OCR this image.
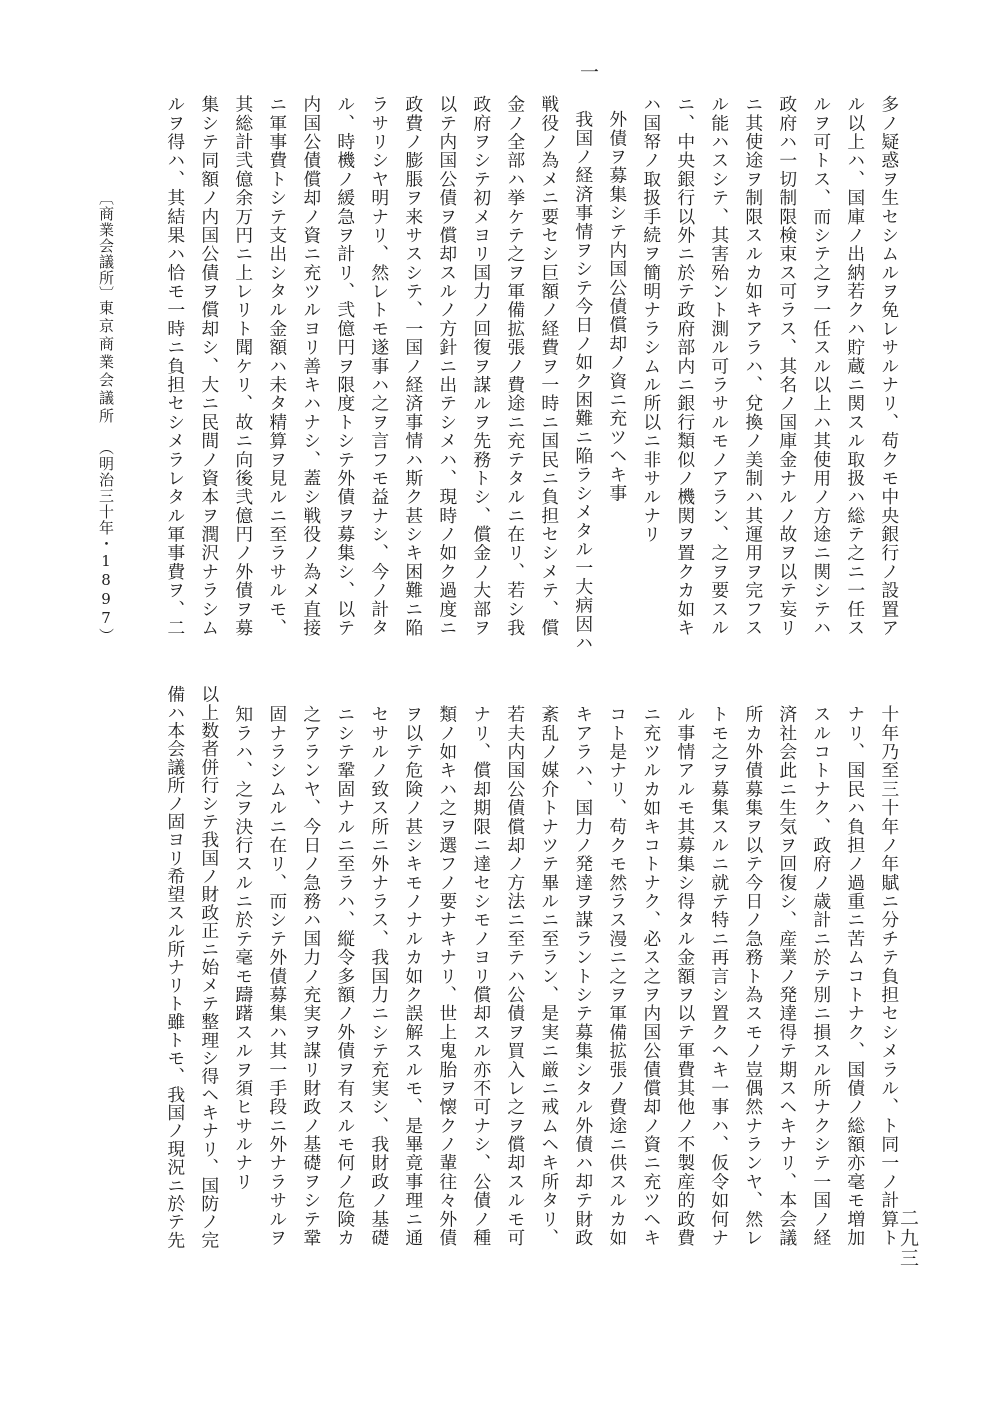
一
多ノ疑惑ヲ生セシムルヲ免レサルナリ、苟クモ中央銀行ノ設置ア
ル以上ハ、国庫ノ出納若クハ貯蔵ニ関スル取扱ハ総テ之ニ一任ス
ルヲ可トス、而シテ之ヲ一任スル以上ハ其使用ノ方途ニ関シテハ
政府ハ一切制限検束ス可ラス、其名ノ国庫金ナルノ故ヲ以テ妄リ
ニ其使途ヲ制限スルカ如キアラハ、兌換ノ美制ハ其運用ヲ完フス
ル能ハスシテ、其害殆ント測ル可ラサルモノアラン、之ヲ要スル
ニ、中央銀行以外ニ於テ政府部内ニ銀行類似ノ機関ヲ置クカ如キ
ハ国帑ノ取扱手続ヲ簡明ナラシムル所以ニ非サルナリ
外債ヲ募集シテ内国公債償却ノ資ニ充ツヘキ事
我国ノ経済事情ヲシテ今日ノ如ク困難ニ陥ラシメタル一大病因ハ
戦役ノ為メニ要セシ巨額ノ経費ヲ一時ニ国民ニ負担セシメテ、償
金ノ全部ハ挙ケテ之ヲ軍備拡張ノ費途ニ充テタルニ在リ、若シ我
政府ヲシテ初メヨリ国力ノ回復ヲ謀ルヲ先務トシ、償金ノ大部ヲ
以テ内国公債ヲ償却スルノ方針ニ出テシメハ、現時ノ如ク過度ニ
政費ノ膨脹ヲ来サスシテ、一国ノ経済事情ハ斯ク甚シキ困難ニ陥
ラサリシヤ明ナリ、然レトモ遂事ハ之ヲ言フモ益ナシ、今ノ計タ
ル、時機ノ緩急ヲ計リ、弐億円ヲ限度トシテ外債ヲ募集シ、以テ
内国公債償却ノ資ニ充ツルヨリ善キハナシ、蓋シ戦役ノ為メ直接
ニ軍事費トシテ支出シタル金額ハ未タ精算ヲ見ルニ至ラサルモ、
其総計弐億余万円ニ上レリト聞ケリ、故ニ向後弐億円ノ外債ヲ募
集シテ同額ノ内国公債ヲ償却シ、大ニ民間ノ資本ヲ潤沢ナラシム
ルヲ得ハ、其結果ハ恰モ一時ニ負担セシメラレタル軍事費ヲ、二
十年乃至三十年ノ年賦ニ分チテ負担セシメラル、ト同一ノ計算ト
ナリ、国民ハ負担ノ過重ニ苦ムコトナク、国債ノ総額亦毫モ増加
スルコトナク、政府ノ歳計ニ於テ別ニ損スル所ナクシテ一国ノ経
済社会此ニ生気ヲ回復シ、産業ノ発達得テ期スヘキナリ、本会議
所カ外債募集ヲ以テ今日ノ急務ト為スモノ豈偶然ナランヤ、然レ
トモ之ヲ募集スルニ就テ特ニ再言シ置クヘキ一事ハ、仮令如何ナ
ル事情アルモ其募集シ得タル金額ヲ以テ軍費其他ノ不製産的政費
ニ充ツルカ如キコトナク、必ス之ヲ内国公債償却ノ資ニ充ツヘキ
コト是ナリ、苟クモ然ラス漫ニ之ヲ軍備拡張ノ費途ニ供スルカ如
キアラハ、国力ノ発達ヲ謀ラントシテ募集シタル外債ハ却テ財政
紊乱ノ媒介トナツテ畢ルニ至ラン、是実ニ厳ニ戒ムヘキ所タリ、
若夫内国公債償却ノ方法ニ至テハ公債ヲ買入レ之ヲ償却スルモ可
ナリ、償却期限ニ達セシモノヨリ償却スル亦不可ナシ、公債ノ種
類ノ如キハ之ヲ選フノ要ナキナリ、世上鬼胎ヲ懐クノ輩往々外債
ヲ以テ危険ノ甚シキモノナルカ如ク誤解スルモ、是畢竟事理ニ通
セサルノ致ス所ニ外ナラス、我国力ニシテ充実シ、我財政ノ基礎
ニシテ鞏固ナルニ至ラハ、縦令多額ノ外債ヲ有スルモ何ノ危険カ
之アランヤ、今日ノ急務ハ国力ノ充実ヲ謀リ財政ノ基礎ヲシテ鞏
固ナラシムルニ在リ、而シテ外債募集ハ其一手段ニ外ナラサルヲ
知ラハ、之ヲ決行スルニ於テ毫モ躊躇スルヲ須ヒサルナリ
以上数者併行シテ我国ノ財政正ニ始メテ整理シ得ヘキナリ、国防ノ完
備ハ本会議所ノ固ヨリ希望スル所ナリト雖トモ、我国ノ現況ニ於テ先
〔商業会議所〕
東京商業会議所
（明治三十年・1897）
二九三
